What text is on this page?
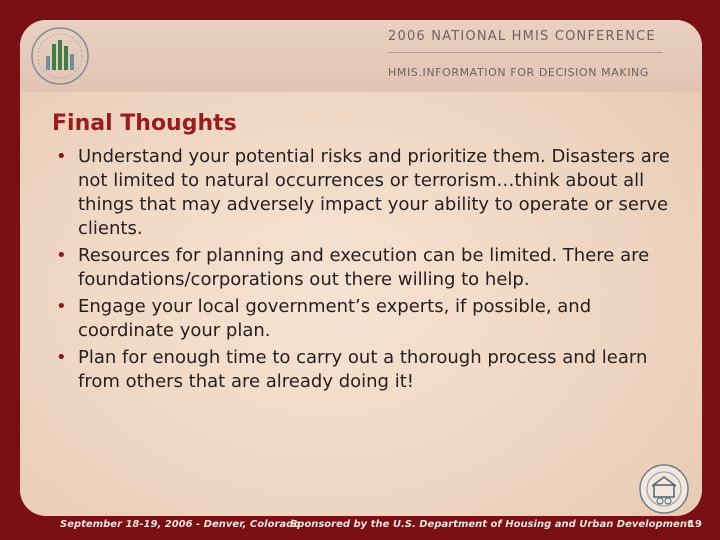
2006 NATIONAL HMIS CONFERENCE
HMIS.INFORMATION FOR DECISION MAKING
Final Thoughts
• Understand your potential risks and prioritize them. Disasters are not limited to natural occurrences or terrorism…think about all things that may adversely impact your ability to operate or serve clients.
• Resources for planning and execution can be limited. There are foundations/corporations out there willing to help.
• Engage your local government’s experts, if possible, and coordinate your plan.
• Plan for enough time to carry out a thorough process and learn from others that are already doing it!
September 18-19, 2006 - Denver, Colorado
Sponsored by the U.S. Department of Housing and Urban Development
19
